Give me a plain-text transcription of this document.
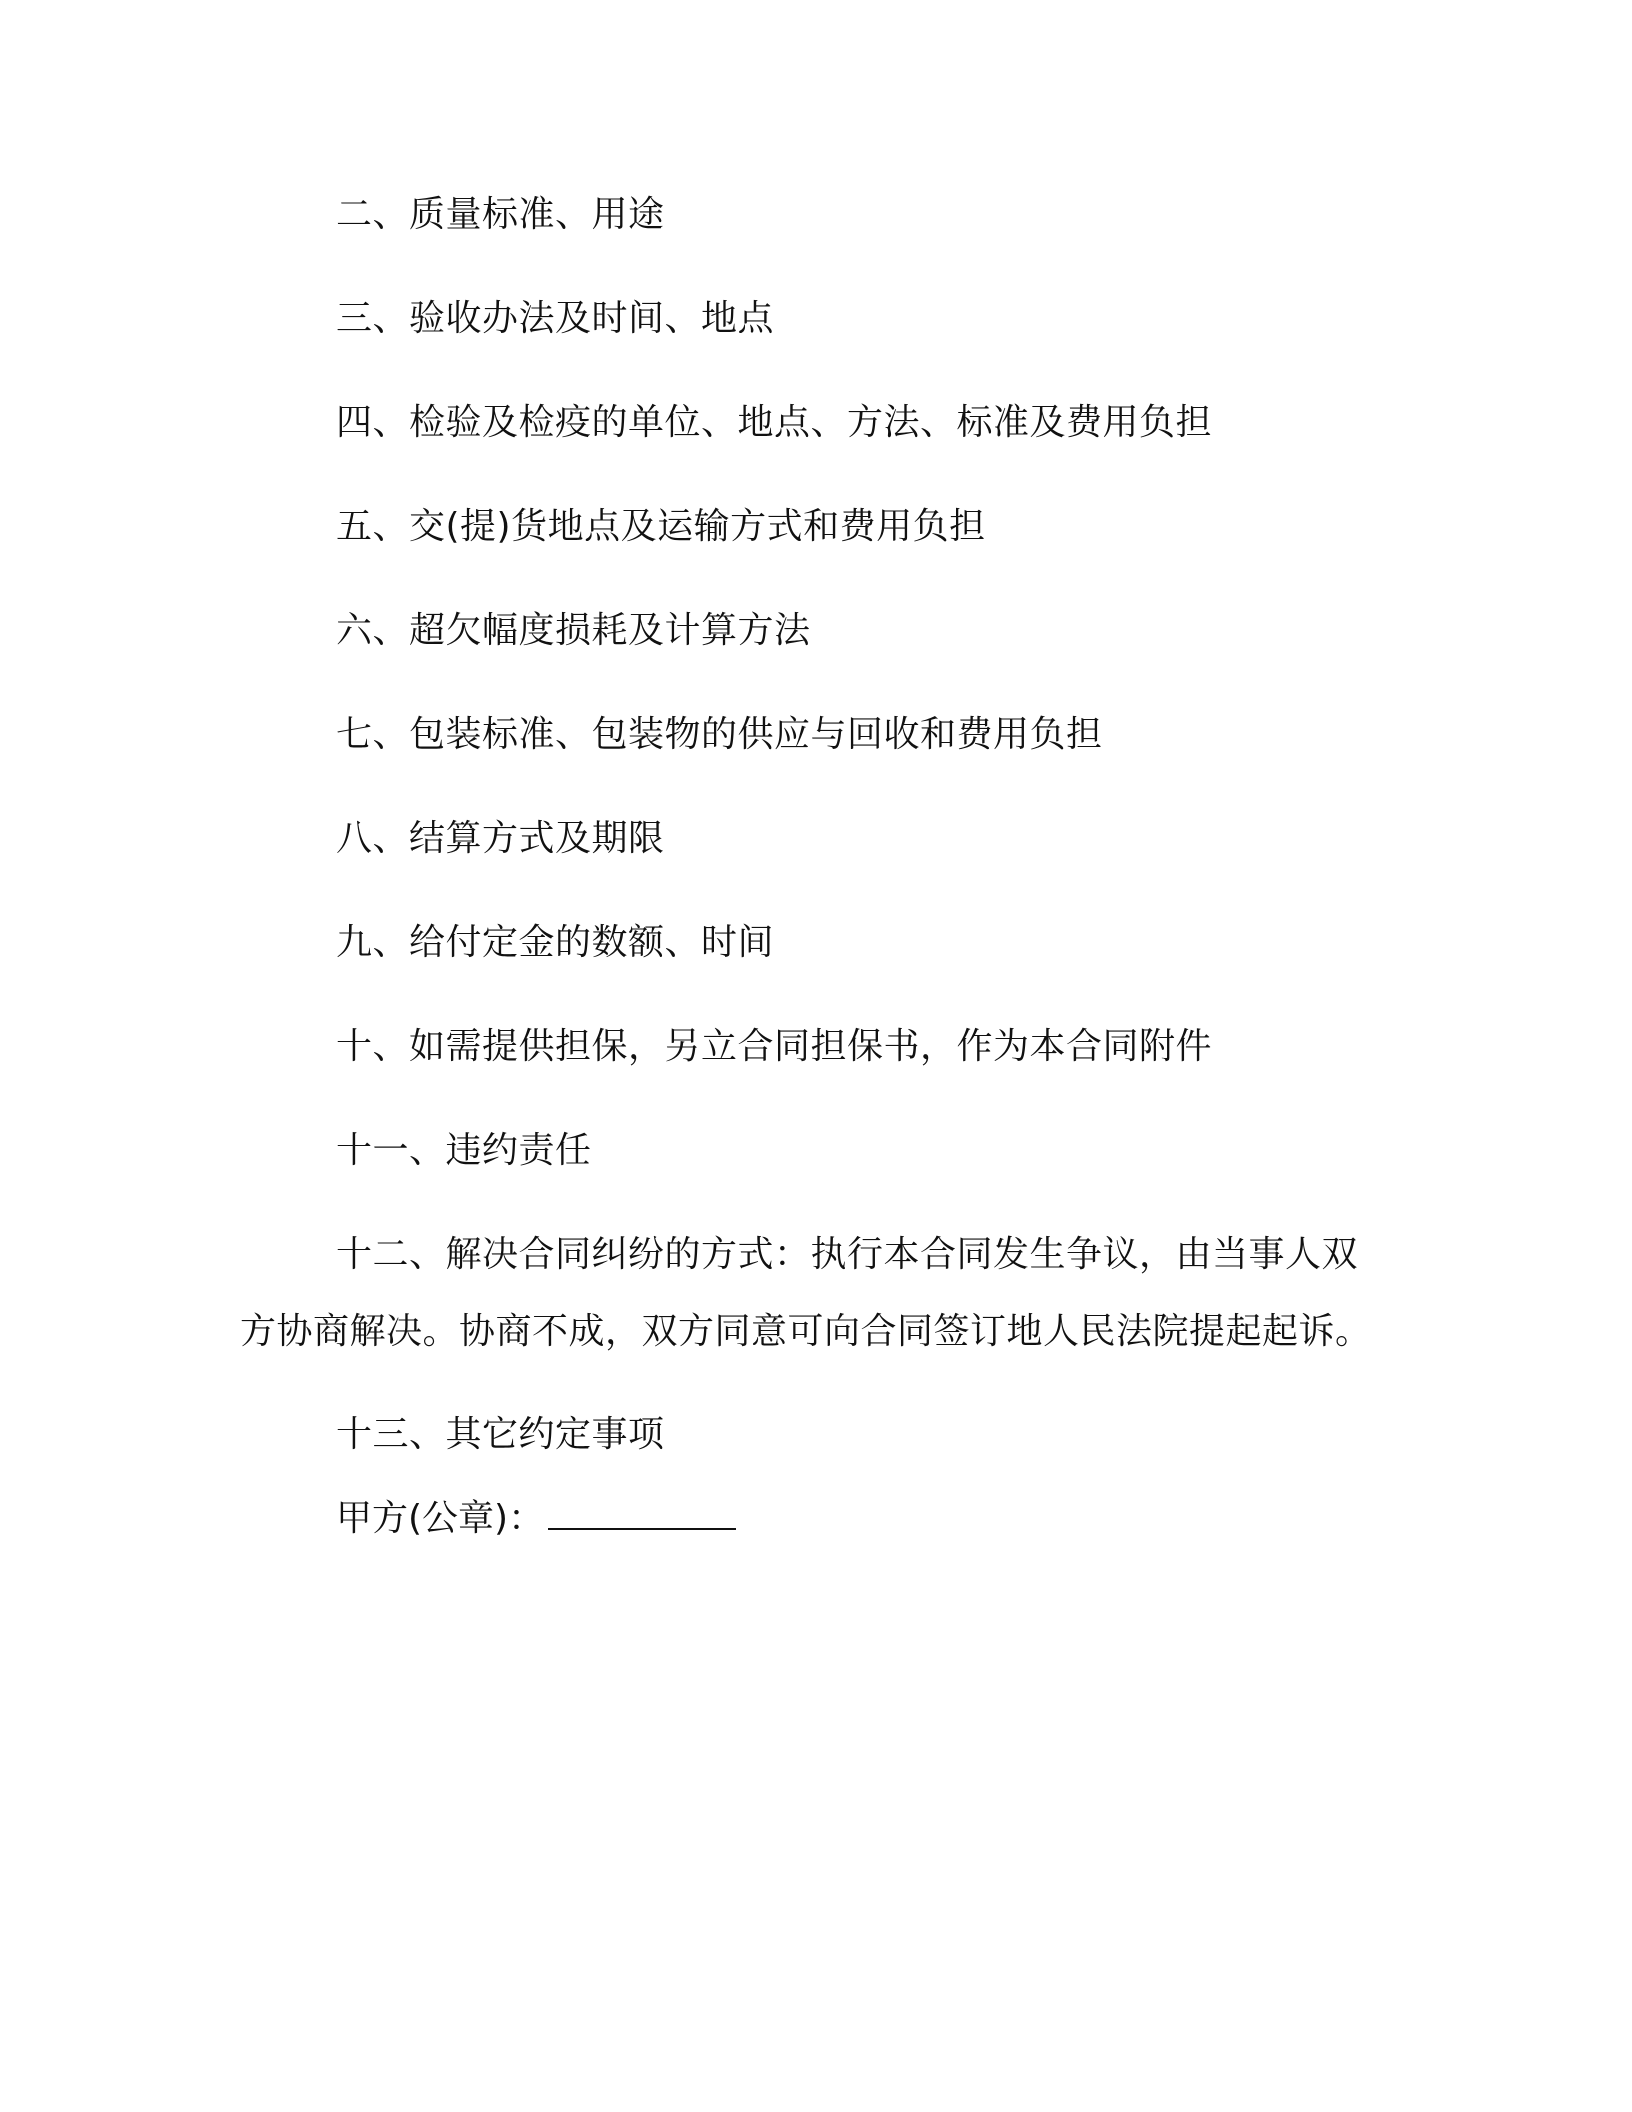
二、质量标准、用途
三、验收办法及时间、地点
四、检验及检疫的单位、地点、方法、标准及费用负担
五、交(提)货地点及运输方式和费用负担
六、超欠幅度损耗及计算方法
七、包装标准、包装物的供应与回收和费用负担
八、结算方式及期限
九、给付定金的数额、时间
十、如需提供担保，另立合同担保书，作为本合同附件
十一、违约责任
十二、解决合同纠纷的方式：执行本合同发生争议，由当事人双方协商解决。协商不成，双方同意可向合同签订地人民法院提起起诉。
十三、其它约定事项
甲方(公章)：
